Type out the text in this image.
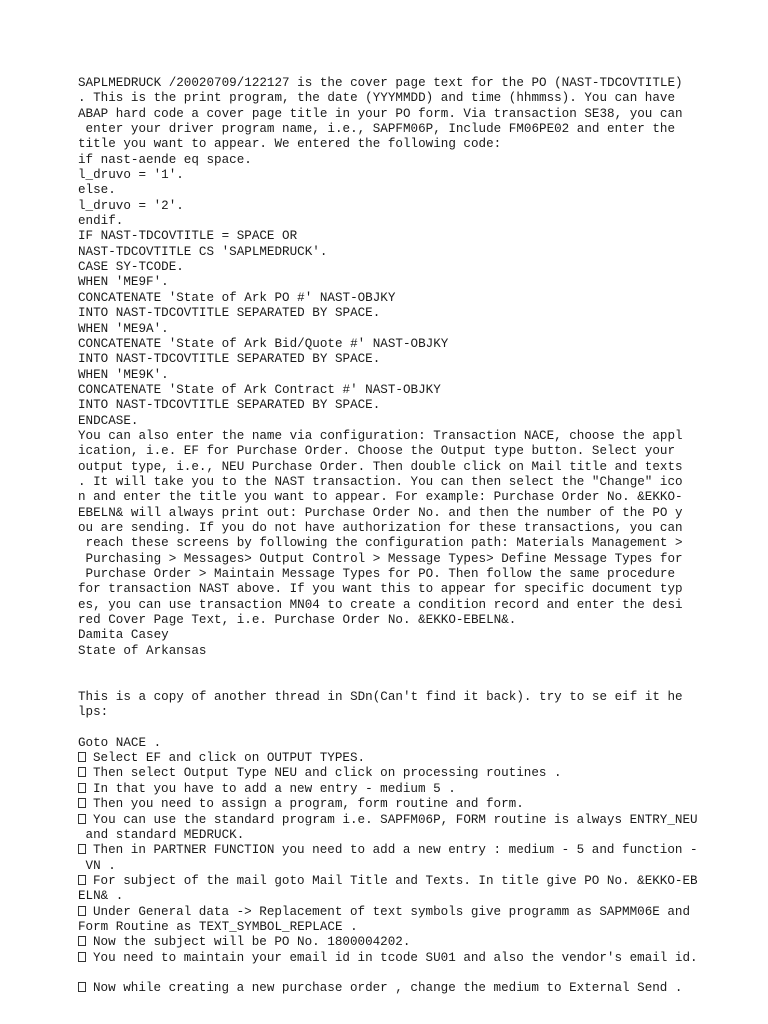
SAPLMEDRUCK /20020709/122127 is the cover page text for the PO (NAST-TDCOVTITLE)
. This is the print program, the date (YYYMMDD) and time (hhmmss). You can have
ABAP hard code a cover page title in your PO form. Via transaction SE38, you can
enter your driver program name, i.e., SAPFM06P, Include FM06PE02 and enter the
title you want to appear. We entered the following code:
if nast-aende eq space.
l_druvo = '1'.
else.
l_druvo = '2'.
endif.
IF NAST-TDCOVTITLE = SPACE OR
NAST-TDCOVTITLE CS 'SAPLMEDRUCK'.
CASE SY-TCODE.
WHEN 'ME9F'.
CONCATENATE 'State of Ark PO #' NAST-OBJKY
INTO NAST-TDCOVTITLE SEPARATED BY SPACE.
WHEN 'ME9A'.
CONCATENATE 'State of Ark Bid/Quote #' NAST-OBJKY
INTO NAST-TDCOVTITLE SEPARATED BY SPACE.
WHEN 'ME9K'.
CONCATENATE 'State of Ark Contract #' NAST-OBJKY
INTO NAST-TDCOVTITLE SEPARATED BY SPACE.
ENDCASE.
You can also enter the name via configuration: Transaction NACE, choose the appl
ication, i.e. EF for Purchase Order. Choose the Output type button. Select your
output type, i.e., NEU Purchase Order. Then double click on Mail title and texts
. It will take you to the NAST transaction. You can then select the "Change" ico
n and enter the title you want to appear. For example: Purchase Order No. &EKKO-
EBELN& will always print out: Purchase Order No. and then the number of the PO y
ou are sending. If you do not have authorization for these transactions, you can
reach these screens by following the configuration path: Materials Management >
Purchasing > Messages> Output Control > Message Types> Define Message Types for
Purchase Order > Maintain Message Types for PO. Then follow the same procedure
for transaction NAST above. If you want this to appear for specific document typ
es, you can use transaction MN04 to create a condition record and enter the desi
red Cover Page Text, i.e. Purchase Order No. &EKKO-EBELN&.
Damita Casey
State of Arkansas
This is a copy of another thread in SDn(Can't find it back). try to se eif it he
lps:
Goto NACE .
Select EF and click on OUTPUT TYPES.
Then select Output Type NEU and click on processing routines .
In that you have to add a new entry - medium 5 .
Then you need to assign a program, form routine and form.
You can use the standard program i.e. SAPFM06P, FORM routine is always ENTRY_NEU
and standard MEDRUCK.
Then in PARTNER FUNCTION you need to add a new entry : medium - 5 and function -
VN .
For subject of the mail goto Mail Title and Texts. In title give PO No. &EKKO-EB
ELN& .
Under General data -> Replacement of text symbols give programm as SAPMM06E and
Form Routine as TEXT_SYMBOL_REPLACE .
Now the subject will be PO No. 1800004202.
You need to maintain your email id in tcode SU01 and also the vendor's email id.
Now while creating a new purchase order , change the medium to External Send .
